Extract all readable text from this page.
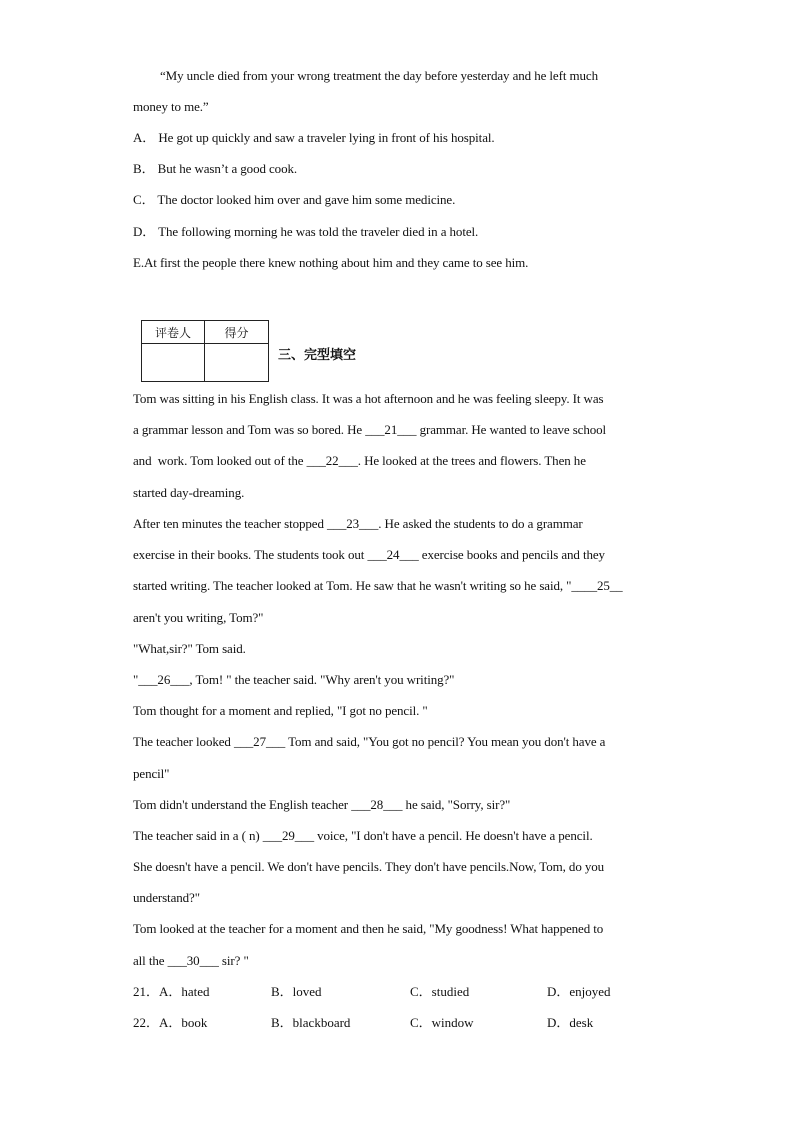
“My uncle died from your wrong treatment the day before yesterday and he left much
money to me.”
A． He got up quickly and saw a traveler lying in front of his hospital.
B． But he wasn’t a good cook.
C． The doctor looked him over and gave him some medicine.
D． The following morning he was told the traveler died in a hotel.
E.At first the people there knew nothing about him and they came to see him.
评卷人	得分

三、完型填空
Tom was sitting in his English class. It was a hot afternoon and he was feeling sleepy. It was
a grammar lesson and Tom was so bored. He ___21___ grammar. He wanted to leave school
and  work. Tom looked out of the ___22___. He looked at the trees and flowers. Then he
started day-dreaming.
After ten minutes the teacher stopped ___23___. He asked the students to do a grammar
exercise in their books. The students took out ___24___ exercise books and pencils and they
started writing. The teacher looked at Tom. He saw that he wasn't writing so he said, "____25__
aren't you writing, Tom?"
"What,sir?" Tom said.
"___26___, Tom! " the teacher said. "Why aren't you writing?"
Tom thought for a moment and replied, "I got no pencil. "
The teacher looked ___27___ Tom and said, "You got no pencil? You mean you don't have a
pencil"
Tom didn't understand the English teacher ___28___ he said, "Sorry, sir?"
The teacher said in a ( n) ___29___ voice, "I don't have a pencil. He doesn't have a pencil.
She doesn't have a pencil. We don't have pencils. They don't have pencils.Now, Tom, do you
understand?"
Tom looked at the teacher for a moment and then he said, "My goodness! What happened to
all the ___30___ sir? "
21．A．hated	B．loved	C．studied	D．enjoyed
22．A．book	B．blackboard	C．window	D．desk
